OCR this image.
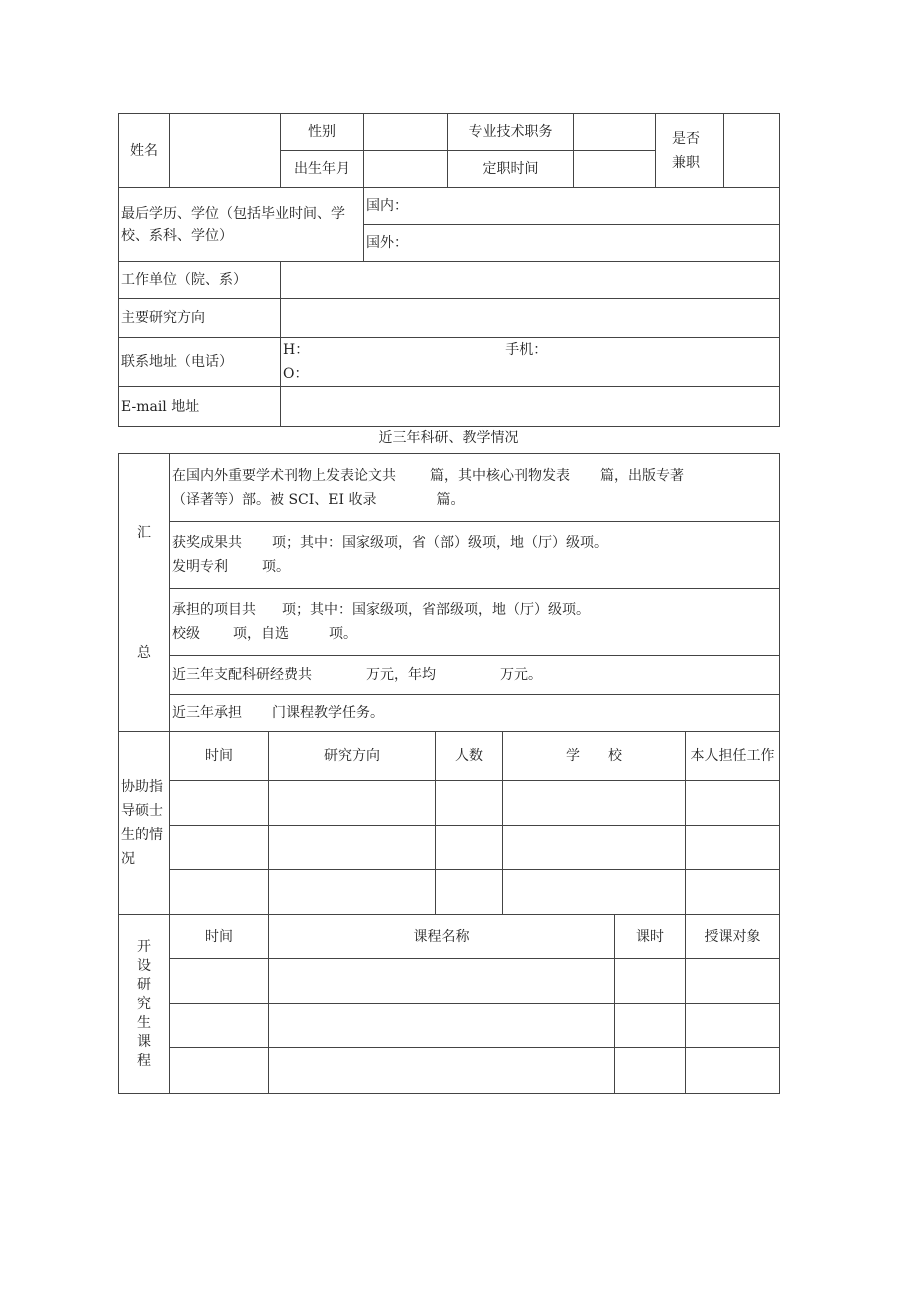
姓名		性别		专业技术职务		是否兼职	
		出生年月		定职时间			
最后学历、学位（包括毕业时间、学校、系科、学位）			国内：				
			国外：				
工作单位（院、系）							
主要研究方向							
联系地址（电话）		H： 手机：
O：					
E-mail 地址							
近三年科研、教学情况
汇

总	在国内外重要学术刊物上发表论文共 篇，其中核心刊物发表 篇，出版专著
（译著等）部。被 SCI、EI 收录	篇。
获奖成果共 项；其中：国家级项，省（部）级项，地（厅）级项。
发明专利 项。
承担的项目共 项；其中：国家级项，省部级项，地（厅）级项。
校级 项，自选	项。
近三年支配科研经费共	万元，年均	万元。
近三年承担 门课程教学任务。
协助指导硕士生的情况	时间	研究方向	人数	学　　校	本人担任工作

开设研究生课程	时间	课程名称	课时	授课对象
